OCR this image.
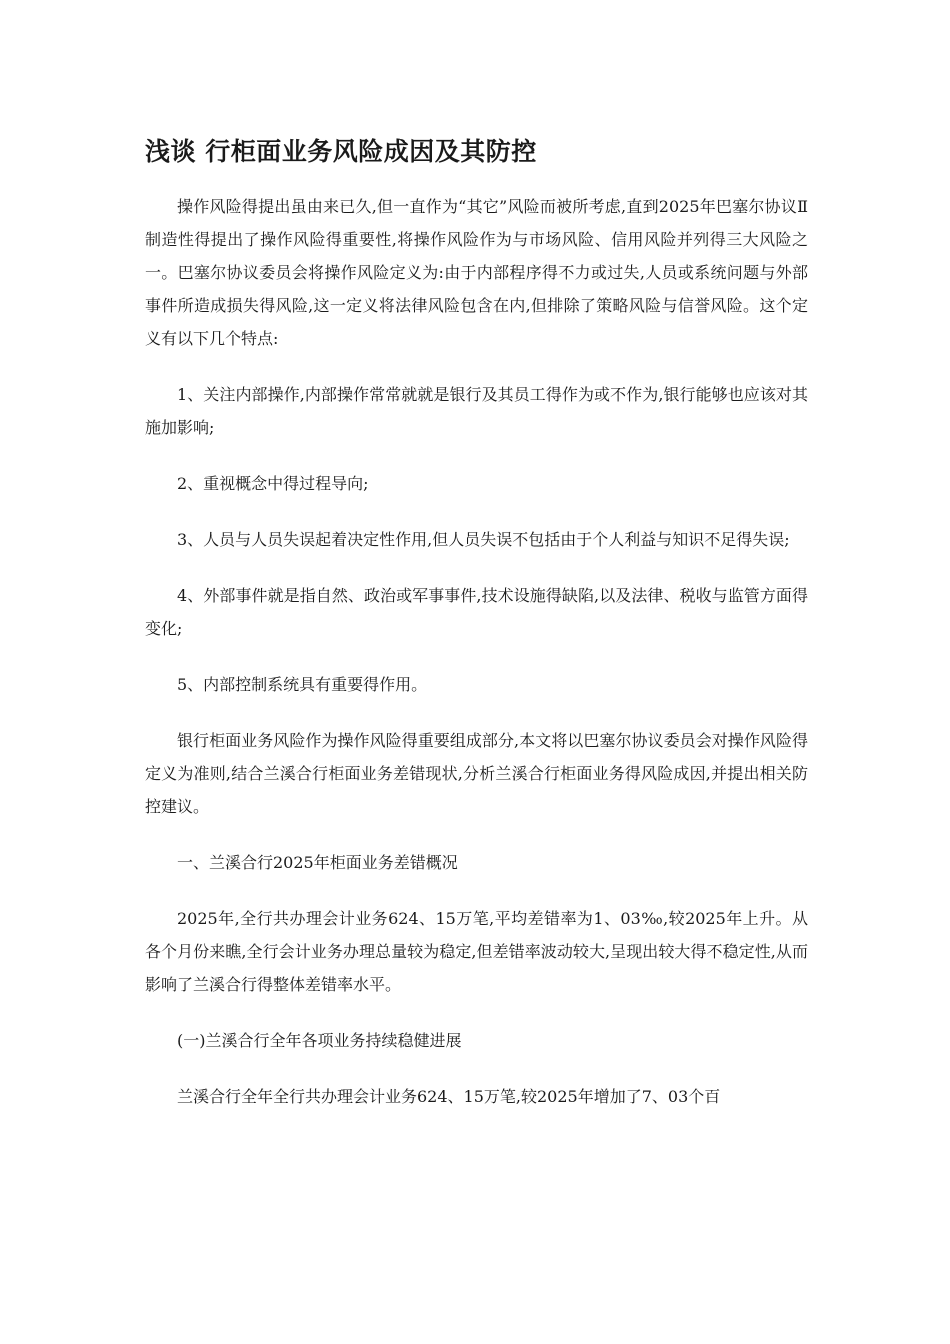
浅谈 行柜面业务风险成因及其防控

操作风险得提出虽由来已久,但一直作为“其它”风险而被所考虑,直到2025年巴塞尔协议Ⅱ制造性得提出了操作风险得重要性,将操作风险作为与市场风险、信用风险并列得三大风险之一。巴塞尔协议委员会将操作风险定义为:由于内部程序得不力或过失,人员或系统问题与外部事件所造成损失得风险,这一定义将法律风险包含在内,但排除了策略风险与信誉风险。这个定义有以下几个特点:

1、关注内部操作,内部操作常常就就是银行及其员工得作为或不作为,银行能够也应该对其施加影响;

2、重视概念中得过程导向;

3、人员与人员失误起着决定性作用,但人员失误不包括由于个人利益与知识不足得失误;

4、外部事件就是指自然、政治或军事事件,技术设施得缺陷,以及法律、税收与监管方面得变化;

5、内部控制系统具有重要得作用。

银行柜面业务风险作为操作风险得重要组成部分,本文将以巴塞尔协议委员会对操作风险得定义为准则,结合兰溪合行柜面业务差错现状,分析兰溪合行柜面业务得风险成因,并提出相关防控建议。

一、兰溪合行2025年柜面业务差错概况

2025年,全行共办理会计业务624、15万笔,平均差错率为1、03‰,较2025年上升。从各个月份来瞧,全行会计业务办理总量较为稳定,但差错率波动较大,呈现出较大得不稳定性,从而影响了兰溪合行得整体差错率水平。

(一)兰溪合行全年各项业务持续稳健进展

兰溪合行全年全行共办理会计业务624、15万笔,较2025年增加了7、03个百
